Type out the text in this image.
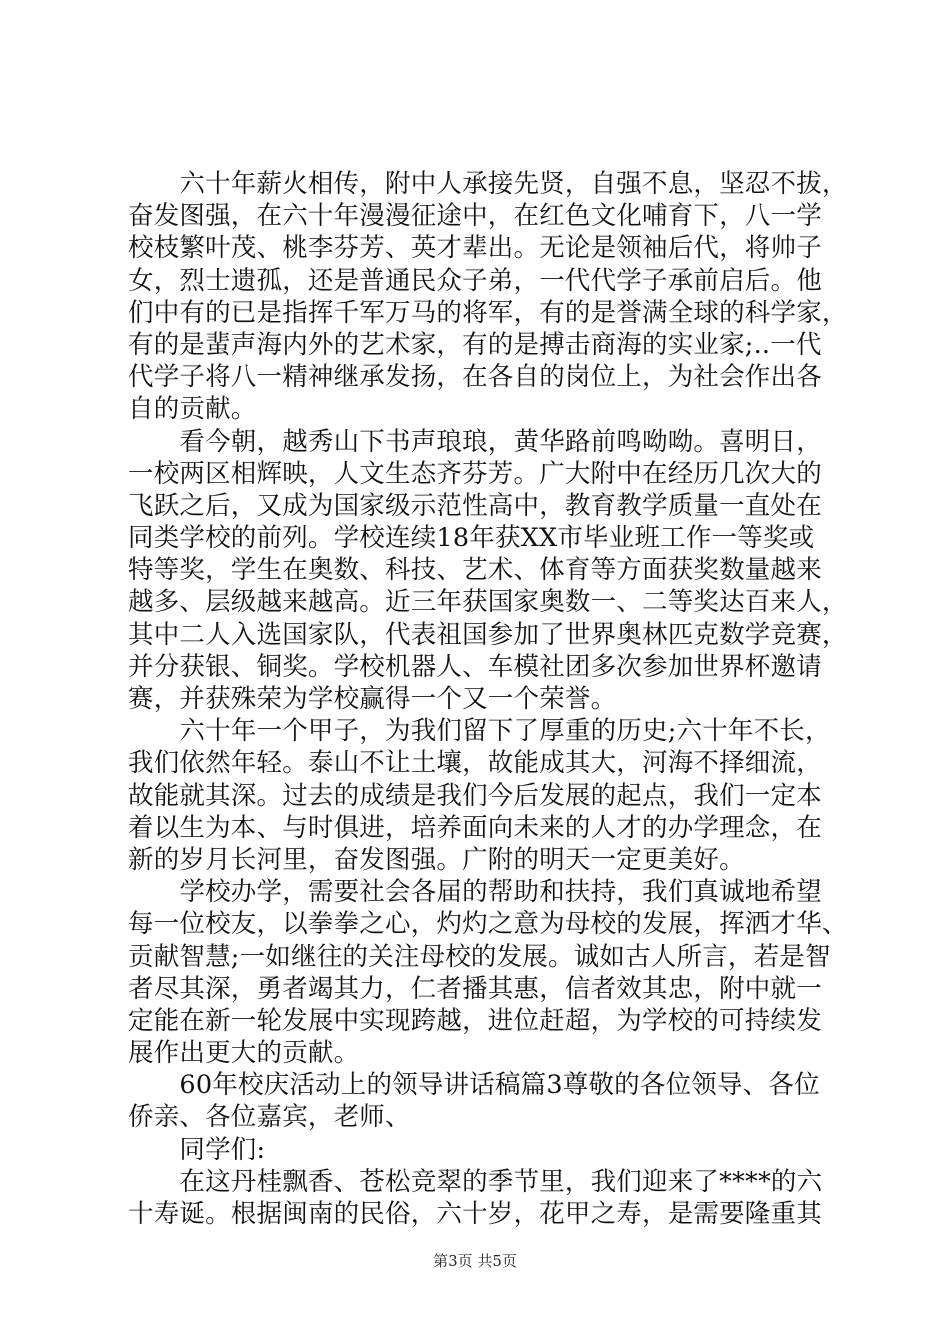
　　六十年薪火相传，附中人承接先贤，自强不息，坚忍不拔，
奋发图强，在六十年漫漫征途中，在红色文化哺育下，八一学
校枝繁叶茂、桃李芬芳、英才辈出。无论是领袖后代，将帅子
女，烈士遗孤，还是普通民众子弟，一代代学子承前启后。他
们中有的已是指挥千军万马的将军，有的是誉满全球的科学家，
有的是蜚声海内外的艺术家，有的是搏击商海的实业家;..一代
代学子将八一精神继承发扬，在各自的岗位上，为社会作出各
自的贡献。
　　看今朝，越秀山下书声琅琅，黄华路前鸣呦呦。喜明日，
一校两区相辉映，人文生态齐芬芳。广大附中在经历几次大的
飞跃之后，又成为国家级示范性高中，教育教学质量一直处在
同类学校的前列。学校连续18年获XX市毕业班工作一等奖或
特等奖，学生在奥数、科技、艺术、体育等方面获奖数量越来
越多、层级越来越高。近三年获国家奥数一、二等奖达百来人，
其中二人入选国家队，代表祖国参加了世界奥林匹克数学竞赛，
并分获银、铜奖。学校机器人、车模社团多次参加世界杯邀请
赛，并获殊荣为学校赢得一个又一个荣誉。
　　六十年一个甲子，为我们留下了厚重的历史;六十年不长，
我们依然年轻。泰山不让土壤，故能成其大，河海不择细流，
故能就其深。过去的成绩是我们今后发展的起点，我们一定本
着以生为本、与时俱进，培养面向未来的人才的办学理念，在
新的岁月长河里，奋发图强。广附的明天一定更美好。
　　学校办学，需要社会各届的帮助和扶持，我们真诚地希望
每一位校友，以拳拳之心，灼灼之意为母校的发展，挥洒才华、
贡献智慧;一如继往的关注母校的发展。诚如古人所言，若是智
者尽其深，勇者竭其力，仁者播其惠，信者效其忠，附中就一
定能在新一轮发展中实现跨越，进位赶超，为学校的可持续发
展作出更大的贡献。
　　60年校庆活动上的领导讲话稿篇3尊敬的各位领导、各位
侨亲、各位嘉宾，老师、
　　同学们:
　　在这丹桂飘香、苍松竞翠的季节里，我们迎来了****的六
十寿诞。根据闽南的民俗，六十岁，花甲之寿，是需要隆重其
第3页 共5页
